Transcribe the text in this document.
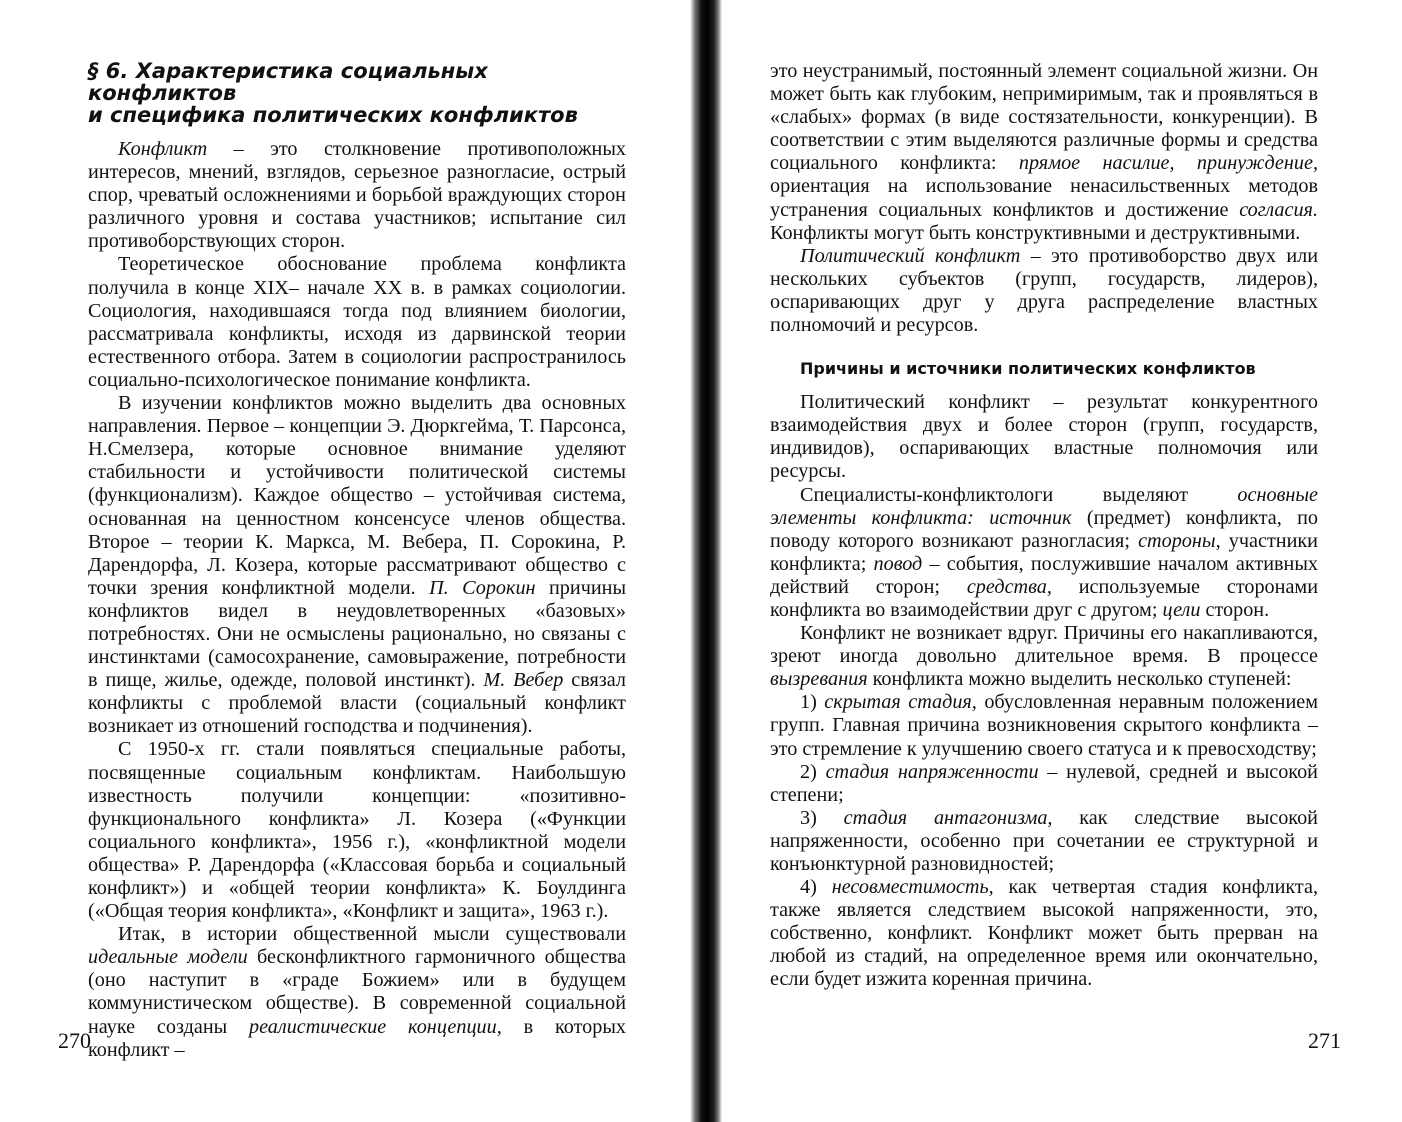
§ 6. Характеристика социальных конфликтов
и специфика политических конфликтов

Конфликт – это столкновение противоположных интересов, мнений, взглядов, серьезное разногласие, острый спор, чреватый осложнениями и борьбой враждующих сторон различного уровня и состава участников; испытание сил противоборствующих сторон.

Теоретическое обоснование проблема конфликта получила в конце XIX– начале XX в. в рамках социологии. Социология, находившаяся тогда под влиянием биологии, рассматривала конфликты, исходя из дарвинской теории естественного отбора. Затем в социологии распространилось социально-психологическое понимание конфликта.

В изучении конфликтов можно выделить два основных направления. Первое – концепции Э. Дюркгейма, Т. Парсонса, Н.Смелзера, которые основное внимание уделяют стабильности и устойчивости политической системы (функционализм). Каждое общество – устойчивая система, основанная на ценностном консенсусе членов общества. Второе – теории К. Маркса, М. Вебера, П. Сорокина, Р. Дарендорфа, Л. Козера, которые рассматривают общество с точки зрения конфликтной модели. П. Сорокин причины конфликтов видел в неудовлетворенных «базовых» потребностях. Они не осмыслены рационально, но связаны с инстинктами (самосохранение, самовыражение, потребности в пище, жилье, одежде, половой инстинкт). М. Вебер связал конфликты с проблемой власти (социальный конфликт возникает из отношений господства и подчинения).

С 1950-х гг. стали появляться специальные работы, посвященные социальным конфликтам. Наибольшую известность получили концепции: «позитивно-функционального конфликта» Л. Козера («Функции социального конфликта», 1956 г.), «конфликтной модели общества» Р. Дарендорфа («Классовая борьба и социальный конфликт») и «общей теории конфликта» К. Боулдинга («Общая теория конфликта», «Конфликт и защита», 1963 г.).

Итак, в истории общественной мысли существовали идеальные модели бесконфликтного гармоничного общества (оно наступит в «граде Божием» или в будущем коммунистическом обществе). В современной социальной науке созданы реалистические концепции, в которых конфликт –

270

это неустранимый, постоянный элемент социальной жизни. Он может быть как глубоким, непримиримым, так и проявляться в «слабых» формах (в виде состязательности, конкуренции). В соответствии с этим выделяются различные формы и средства социального конфликта: прямое насилие, принуждение, ориентация на использование ненасильственных методов устранения социальных конфликтов и достижение согласия. Конфликты могут быть конструктивными и деструктивными.

Политический конфликт – это противоборство двух или нескольких субъектов (групп, государств, лидеров), оспаривающих друг у друга распределение властных полномочий и ресурсов.

Причины и источники политических конфликтов

Политический конфликт – результат конкурентного взаимодействия двух и более сторон (групп, государств, индивидов), оспаривающих властные полномочия или ресурсы.

Специалисты-конфликтологи выделяют основные элементы конфликта: источник (предмет) конфликта, по поводу которого возникают разногласия; стороны, участники конфликта; повод – события, послужившие началом активных действий сторон; средства, используемые сторонами конфликта во взаимодействии друг с другом; цели сторон.

Конфликт не возникает вдруг. Причины его накапливаются, зреют иногда довольно длительное время. В процессе вызревания конфликта можно выделить несколько ступеней:

1) скрытая стадия, обусловленная неравным положением групп. Главная причина возникновения скрытого конфликта – это стремление к улучшению своего статуса и к превосходству;

2) стадия напряженности – нулевой, средней и высокой степени;

3) стадия антагонизма, как следствие высокой напряженности, особенно при сочетании ее структурной и конъюнктурной разновидностей;

4) несовместимость, как четвертая стадия конфликта, также является следствием высокой напряженности, это, собственно, конфликт. Конфликт может быть прерван на любой из стадий, на определенное время или окончательно, если будет изжита коренная причина.

271
